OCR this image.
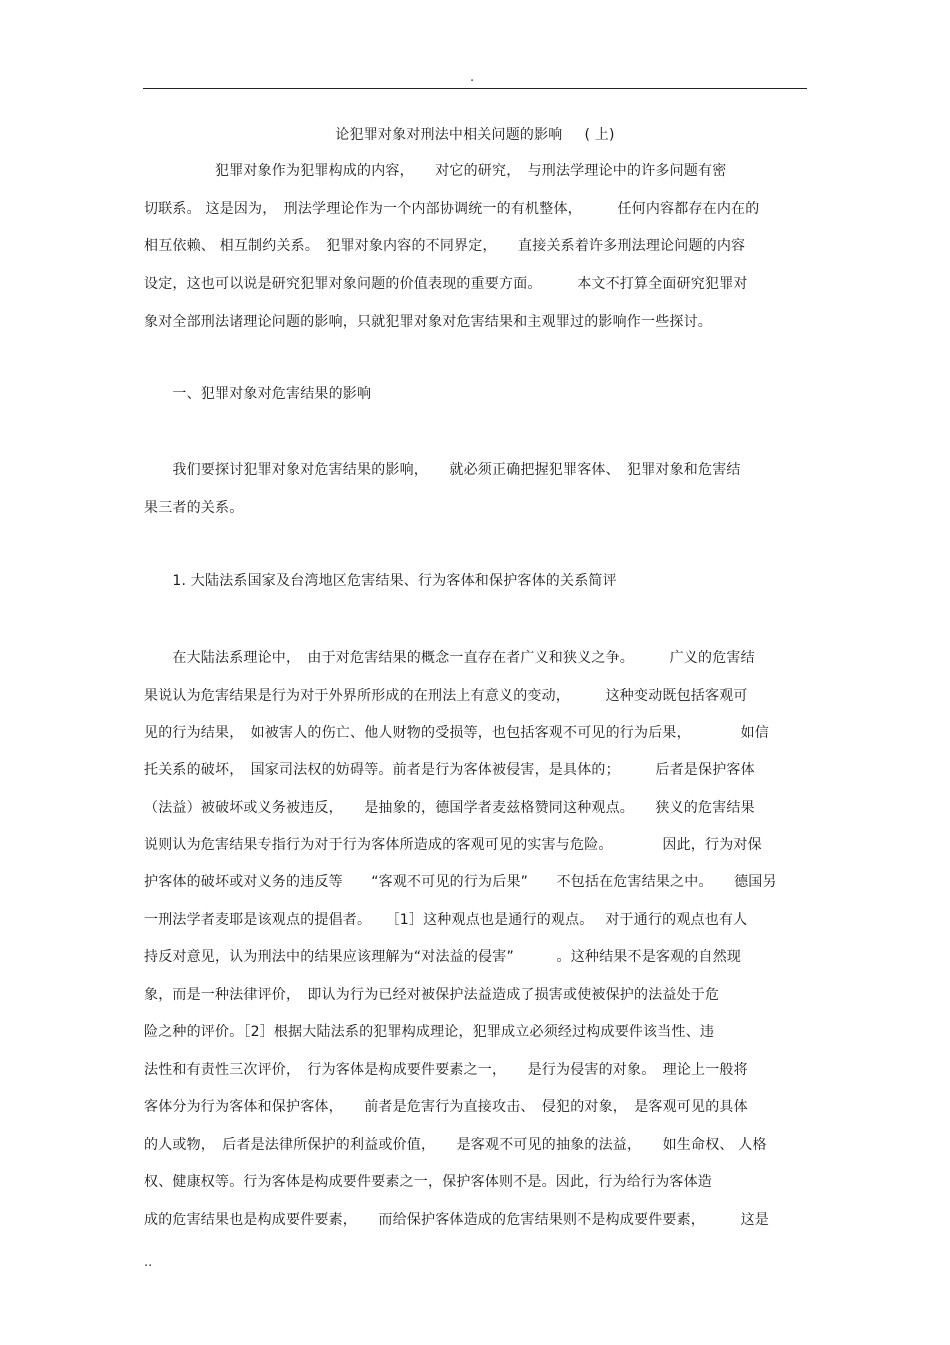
.
论犯罪对象对刑法中相关问题的影响 ( 上)
　　　　　犯罪对象作为犯罪构成的内容，　　对它的研究，　与刑法学理论中的许多问题有密
切联系。 这是因为，　刑法学理论作为一个内部协调统一的有机整体，　　　任何内容都存在内在的
相互依赖、 相互制约关系。　犯罪对象内容的不同界定，　　直接关系着许多刑法理论问题的内容
设定，这也可以说是研究犯罪对象问题的价值表现的重要方面。　　　本文不打算全面研究犯罪对
象对全部刑法诸理论问题的影响，只就犯罪对象对危害结果和主观罪过的影响作一些探讨。
　　一、犯罪对象对危害结果的影响
　　我们要探讨犯罪对象对危害结果的影响，　　就必须正确把握犯罪客体、　犯罪对象和危害结
果三者的关系。
　　1. 大陆法系国家及台湾地区危害结果、行为客体和保护客体的关系简评
　　在大陆法系理论中，　由于对危害结果的概念一直存在者广义和狭义之争。　　　广义的危害结
果说认为危害结果是行为对于外界所形成的在刑法上有意义的变动，　　　这种变动既包括客观可
见的行为结果，　如被害人的伤亡、他人财物的受损等，也包括客观不可见的行为后果，　　　　如信
托关系的破坏，　国家司法权的妨碍等。前者是行为客体被侵害，是具体的；　　　后者是保护客体
（法益）被破坏或义务被违反，　　是抽象的，德国学者麦兹格赞同这种观点。　　狭义的危害结果
说则认为危害结果专指行为对于行为客体所造成的客观可见的实害与危险。　　　　因此，行为对保
护客体的破坏或对义务的违反等　　“客观不可见的行为后果”　　不包括在危害结果之中。　　德国另
一刑法学者麦耶是该观点的提倡者。　　［1］这种观点也是通行的观点。　 对于通行的观点也有人
持反对意见，认为刑法中的结果应该理解为“对法益的侵害”　　　。这种结果不是客观的自然现
象，而是一种法律评价，　即认为行为已经对被保护法益造成了损害或使被保护的法益处于危
险之种的评价。［2］根据大陆法系的犯罪构成理论，犯罪成立必须经过构成要件该当性、违
法性和有责性三次评价，　行为客体是构成要件要素之一，　　是行为侵害的对象。　理论上一般将
客体分为行为客体和保护客体，　　前者是危害行为直接攻击、　侵犯的对象，　是客观可见的具体
的人或物，　后者是法律所保护的利益或价值，　　是客观不可见的抽象的法益，　　如生命权、 人格
权、健康权等。行为客体是构成要件要素之一，保护客体则不是。因此，行为给行为客体造
成的危害结果也是构成要件要素，　　而给保护客体造成的危害结果则不是构成要件要素，　　　这是
..
